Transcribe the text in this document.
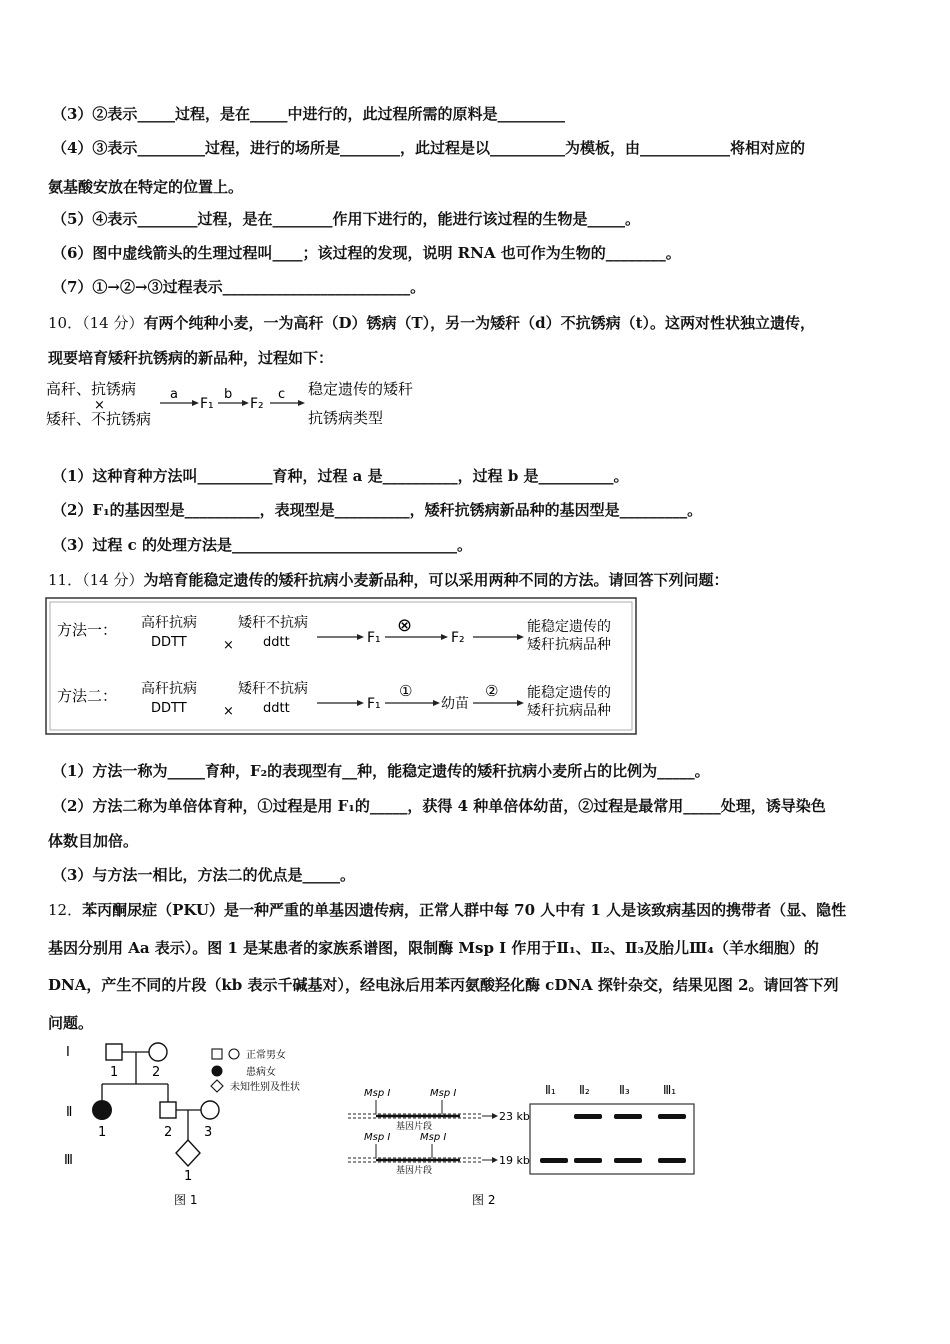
（3）②表示_____过程，是在_____中进行的，此过程所需的原料是_________
（4）③表示_________过程，进行的场所是________，此过程是以__________为模板，由____________将相对应的
氨基酸安放在特定的位置上。
（5）④表示________过程，是在________作用下进行的，能进行该过程的生物是_____。
（6）图中虚线箭头的生理过程叫____；该过程的发现，说明 RNA 也可作为生物的________。
（7）①→②→③过程表示_________________________。
10．（14 分）有两个纯种小麦，一为高秆（D）锈病（T），另一为矮秆（d）不抗锈病（t）。这两对性状独立遗传，
现要培育矮秆抗锈病的新品种，过程如下：
高秆、抗锈病
×
矮秆、不抗锈病
a
F₁
b
F₂
c 稳定遗传的矮秆
抗锈病类型
（1）这种育种方法叫__________育种，过程 a 是__________，过程 b 是__________。
（2）F₁的基因型是__________，表现型是__________，矮秆抗锈病新品种的基因型是_________。
（3）过程 c 的处理方法是______________________________。
11．（14 分）为培育能稳定遗传的矮秆抗病小麦新品种，可以采用两种不同的方法。请回答下列问题：
方法一： 高秆抗病
DDTT	×
矮秆不抗病
ddtt	F₁
⊗
F₂
能稳定遗传的
矮秆抗病品种
方法二： 高秆抗病
DDTT	×
矮秆不抗病
ddtt	F₁
①
幼苗
② 能稳定遗传的
矮秆抗病品种
（1）方法一称为_____育种，F₂的表现型有__种，能稳定遗传的矮秆抗病小麦所占的比例为_____。
（2）方法二称为单倍体育种，①过程是用 F₁的_____，获得 4 种单倍体幼苗，②过程是最常用_____处理，诱导染色
体数目加倍。
（3）与方法一相比，方法二的优点是_____。
12．苯丙酮尿症（PKU）是一种严重的单基因遗传病，正常人群中每 70 人中有 1 人是该致病基因的携带者（显、隐性
基因分别用 Aa 表示）。图 1 是某患者的家族系谱图，限制酶 Msp I 作用于Ⅱ₁、Ⅱ₂、Ⅱ₃及胎儿Ⅲ₄（羊水细胞）的
DNA，产生不同的片段（kb 表示千碱基对），经电泳后用苯丙氨酸羟化酶 cDNA 探针杂交，结果见图 2。请回答下列
问题。
Ⅰ
Ⅱ
Ⅲ
1	2
1	2 3
1
正常男女
患病女
未知性别及性状
图 1
Msp Ⅰ	Msp Ⅰ
基因片段
23 kb
Msp Ⅰ	Msp Ⅰ
基因片段
19 kb
Ⅱ₁ Ⅱ₂ Ⅱ₃	Ⅲ₁
图 2
